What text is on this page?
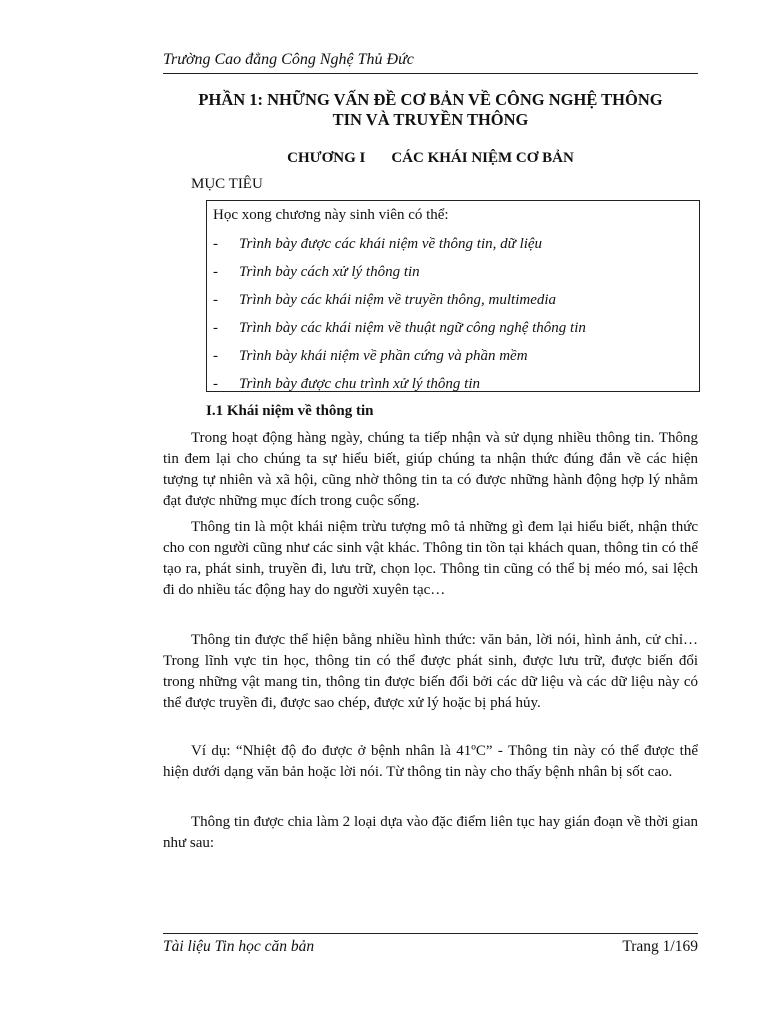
Trường Cao đẳng Công Nghệ Thủ Đức
PHẦN 1: NHỮNG VẤN ĐỀ CƠ BẢN VỀ CÔNG NGHỆ THÔNG
TIN VÀ TRUYỀN THÔNG
CHƯƠNG I CÁC KHÁI NIỆM CƠ BẢN
MỤC TIÊU
Học xong chương này sinh viên có thể:
-	Trình bày được các khái niệm về thông tin, dữ liệu
-	Trình bày cách xử lý thông tin
-	Trình bày các khái niệm về truyền thông, multimedia
-	Trình bày các khái niệm về thuật ngữ công nghệ thông tin
-	Trình bày khái niệm về phần cứng và phần mềm
-	Trình bày được chu trình xử lý thông tin
I.1 Khái niệm về thông tin

Trong hoạt động hàng ngày, chúng ta tiếp nhận và sử dụng nhiều thông tin. Thông tin đem lại cho chúng ta sự hiểu biết, giúp chúng ta nhận thức đúng đắn về các hiện tượng tự nhiên và xã hội, cũng nhờ thông tin ta có được những hành động hợp lý nhằm đạt được những mục đích trong cuộc sống.

Thông tin là một khái niệm trừu tượng mô tả những gì đem lại hiểu biết, nhận thức cho con người cũng như các sinh vật khác. Thông tin tồn tại khách quan, thông tin có thể tạo ra, phát sinh, truyền đi, lưu trữ, chọn lọc. Thông tin cũng có thể bị méo mó, sai lệch đi do nhiều tác động hay do người xuyên tạc…

Thông tin được thể hiện bằng nhiều hình thức: văn bản, lời nói, hình ảnh, cử chỉ… Trong lĩnh vực tin học, thông tin có thể được phát sinh, được lưu trữ, được biến đổi trong những vật mang tin, thông tin được biến đổi bởi các dữ liệu và các dữ liệu này có thể được truyền đi, được sao chép, được xử lý hoặc bị phá hủy.

Ví dụ: “Nhiệt độ đo được ở bệnh nhân là 41ºC” - Thông tin này có thể được thể hiện dưới dạng văn bản hoặc lời nói. Từ thông tin này cho thấy bệnh nhân bị sốt cao.

Thông tin được chia làm 2 loại dựa vào đặc điểm liên tục hay gián đoạn về thời gian như sau:

Tài liệu Tin học căn bản	Trang 1/169
